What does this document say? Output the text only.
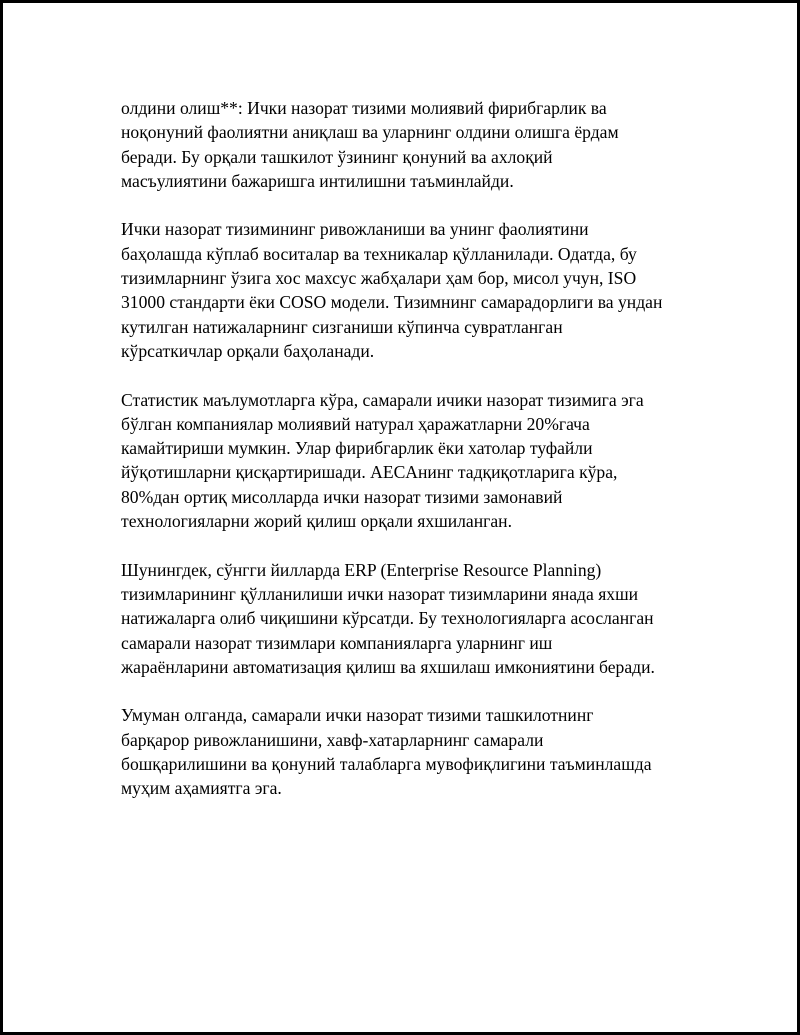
олдини олиш**: Ички назорат тизими молиявий фирибгарлик ва
ноқонуний фаолиятни аниқлаш ва уларнинг олдини олишга ёрдам
беради. Бу орқали ташкилот ўзининг қонуний ва ахлоқий
масъулиятини бажаришга интилишни таъминлайди.

Ички назорат тизимининг ривожланиши ва унинг фаолиятини
баҳолашда кўплаб воситалар ва техникалар қўлланилади. Одатда, бу
тизимларнинг ўзига хос махсус жабҳалари ҳам бор, мисол учун, ISO
31000 стандарти ёки COSO модели. Тизимнинг самарадорлиги ва ундан
кутилган натижаларнинг сизганиши кўпинча сувратланган
кўрсаткичлар орқали баҳоланади.

Статистик маълумотларга кўра, самарали ичики назорат тизимига эга
бўлган компаниялар молиявий натурал ҳаражатларни 20%гача
камайтириши мумкин. Улар фирибгарлик ёки хатолар туфайли
йўқотишларни қисқартиришади. AECAнинг тадқиқотларига кўра,
80%дан ортиқ мисолларда ички назорат тизими замонавий
технологияларни жорий қилиш орқали яхшиланган.

Шунингдек, сўнгги йилларда ERP (Enterprise Resource Planning)
тизимларининг қўлланилиши ички назорат тизимларини янада яхши
натижаларга олиб чиқишини кўрсатди. Бу технологияларга асосланган
самарали назорат тизимлари компанияларга уларнинг иш
жараёнларини автоматизация қилиш ва яхшилаш имкониятини беради.

Умуман олганда, самарали ички назорат тизими ташкилотнинг
барқарор ривожланишини, хавф-хатарларнинг самарали
бошқарилишини ва қонуний талабларга мувофиқлигини таъминлашда
муҳим аҳамиятга эга.
